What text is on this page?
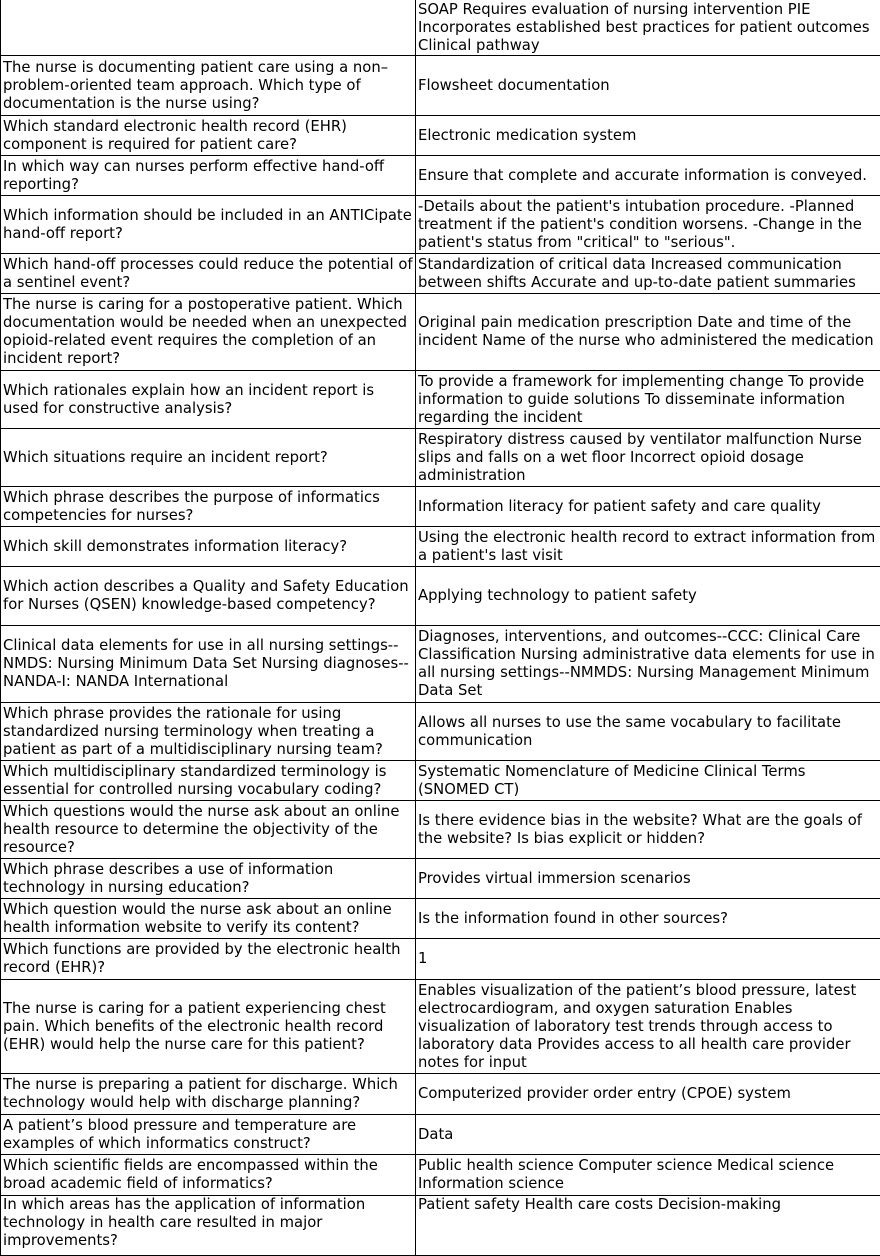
	SOAP Requires evaluation of nursing intervention PIE Incorporates established best practices for patient outcomes Clinical pathway
The nurse is documenting patient care using a non–problem-oriented team approach. Which type of documentation is the nurse using?	Flowsheet documentation
Which standard electronic health record (EHR) component is required for patient care?	Electronic medication system
In which way can nurses perform effective hand-off reporting?	Ensure that complete and accurate information is conveyed.
Which information should be included in an ANTICipate hand-off report?	-Details about the patient's intubation procedure. -Planned treatment if the patient's condition worsens. -Change in the patient's status from "critical" to "serious".
Which hand-off processes could reduce the potential of a sentinel event?	Standardization of critical data Increased communication between shifts Accurate and up-to-date patient summaries
The nurse is caring for a postoperative patient. Which documentation would be needed when an unexpected opioid-related event requires the completion of an incident report?	Original pain medication prescription Date and time of the incident Name of the nurse who administered the medication
Which rationales explain how an incident report is used for constructive analysis?	To provide a framework for implementing change To provide information to guide solutions To disseminate information regarding the incident
Which situations require an incident report?	Respiratory distress caused by ventilator malfunction Nurse slips and falls on a wet floor Incorrect opioid dosage administration
Which phrase describes the purpose of informatics competencies for nurses?	Information literacy for patient safety and care quality
Which skill demonstrates information literacy?	Using the electronic health record to extract information from a patient's last visit
Which action describes a Quality and Safety Education for Nurses (QSEN) knowledge-based competency?	Applying technology to patient safety
Clinical data elements for use in all nursing settings--NMDS: Nursing Minimum Data Set Nursing diagnoses--NANDA-I: NANDA International	Diagnoses, interventions, and outcomes--CCC: Clinical Care Classification Nursing administrative data elements for use in all nursing settings--NMMDS: Nursing Management Minimum Data Set
Which phrase provides the rationale for using standardized nursing terminology when treating a patient as part of a multidisciplinary nursing team?	Allows all nurses to use the same vocabulary to facilitate communication
Which multidisciplinary standardized terminology is essential for controlled nursing vocabulary coding?	Systematic Nomenclature of Medicine Clinical Terms (SNOMED CT)
Which questions would the nurse ask about an online health resource to determine the objectivity of the resource?	Is there evidence bias in the website? What are the goals of the website? Is bias explicit or hidden?
Which phrase describes a use of information technology in nursing education?	Provides virtual immersion scenarios
Which question would the nurse ask about an online health information website to verify its content?	Is the information found in other sources?
Which functions are provided by the electronic health record (EHR)?	1
The nurse is caring for a patient experiencing chest pain. Which benefits of the electronic health record (EHR) would help the nurse care for this patient?	Enables visualization of the patient’s blood pressure, latest electrocardiogram, and oxygen saturation Enables visualization of laboratory test trends through access to laboratory data Provides access to all health care provider notes for input
The nurse is preparing a patient for discharge. Which technology would help with discharge planning?	Computerized provider order entry (CPOE) system
A patient’s blood pressure and temperature are examples of which informatics construct?	Data
Which scientific fields are encompassed within the broad academic field of informatics?	Public health science Computer science Medical science Information science
In which areas has the application of information technology in health care resulted in major improvements?	Patient safety Health care costs Decision-making
